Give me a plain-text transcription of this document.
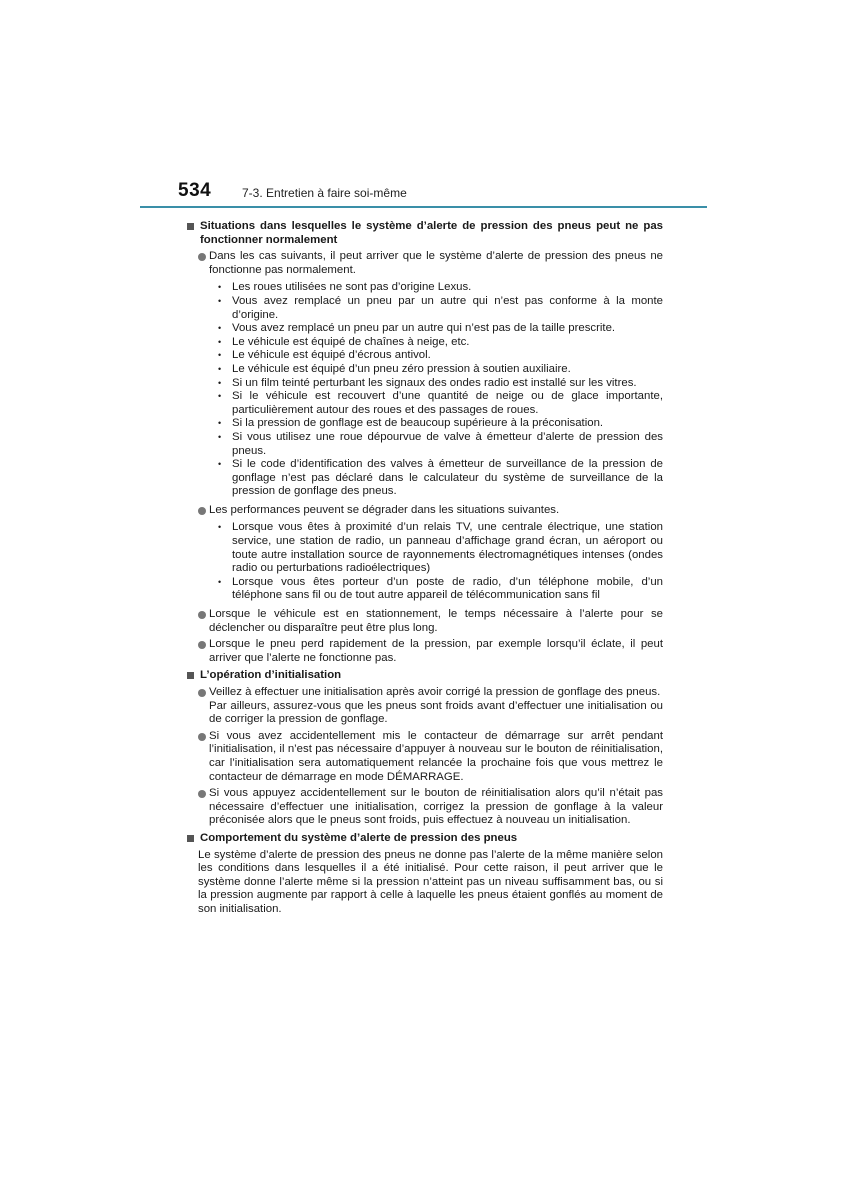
534	7-3. Entretien à faire soi-même
Situations dans lesquelles le système d’alerte de pression des pneus peut ne pas fonctionner normalement

Dans les cas suivants, il peut arriver que le système d’alerte de pression des pneus ne fonctionne pas normalement.

• Les roues utilisées ne sont pas d’origine Lexus.
• Vous avez remplacé un pneu par un autre qui n’est pas conforme à la monte d’origine.
• Vous avez remplacé un pneu par un autre qui n’est pas de la taille prescrite.
• Le véhicule est équipé de chaînes à neige, etc.
• Le véhicule est équipé d’écrous antivol.
• Le véhicule est équipé d’un pneu zéro pression à soutien auxiliaire.
• Si un film teinté perturbant les signaux des ondes radio est installé sur les vitres.
• Si le véhicule est recouvert d’une quantité de neige ou de glace importante, particulièrement autour des roues et des passages de roues.
• Si la pression de gonflage est de beaucoup supérieure à la préconisation.
• Si vous utilisez une roue dépourvue de valve à émetteur d’alerte de pression des pneus.
• Si le code d’identification des valves à émetteur de surveillance de la pression de gonflage n’est pas déclaré dans le calculateur du système de surveillance de la pression de gonflage des pneus.

Les performances peuvent se dégrader dans les situations suivantes.

• Lorsque vous êtes à proximité d’un relais TV, une centrale électrique, une station service, une station de radio, un panneau d’affichage grand écran, un aéroport ou toute autre installation source de rayonnements électromagnétiques intenses (ondes radio ou perturbations radioélectriques)
• Lorsque vous êtes porteur d’un poste de radio, d’un téléphone mobile, d’un téléphone sans fil ou de tout autre appareil de télécommunication sans fil

Lorsque le véhicule est en stationnement, le temps nécessaire à l’alerte pour se déclencher ou disparaître peut être plus long.

Lorsque le pneu perd rapidement de la pression, par exemple lorsqu’il éclate, il peut arriver que l’alerte ne fonctionne pas.

L’opération d’initialisation

Veillez à effectuer une initialisation après avoir corrigé la pression de gonflage des pneus.

Par ailleurs, assurez-vous que les pneus sont froids avant d’effectuer une initialisation ou de corriger la pression de gonflage.

Si vous avez accidentellement mis le contacteur de démarrage sur arrêt pendant l’initialisation, il n’est pas nécessaire d’appuyer à nouveau sur le bouton de réinitialisation, car l’initialisation sera automatiquement relancée la prochaine fois que vous mettrez le contacteur de démarrage en mode DÉMARRAGE.

Si vous appuyez accidentellement sur le bouton de réinitialisation alors qu’il n’était pas nécessaire d’effectuer une initialisation, corrigez la pression de gonflage à la valeur préconisée alors que le pneus sont froids, puis effectuez à nouveau un initialisation.

Comportement du système d’alerte de pression des pneus
Le système d’alerte de pression des pneus ne donne pas l’alerte de la même manière selon les conditions dans lesquelles il a été initialisé. Pour cette raison, il peut arriver que le système donne l’alerte même si la pression n’atteint pas un niveau suffisamment bas, ou si la pression augmente par rapport à celle à laquelle les pneus étaient gonflés au moment de son initialisation.
